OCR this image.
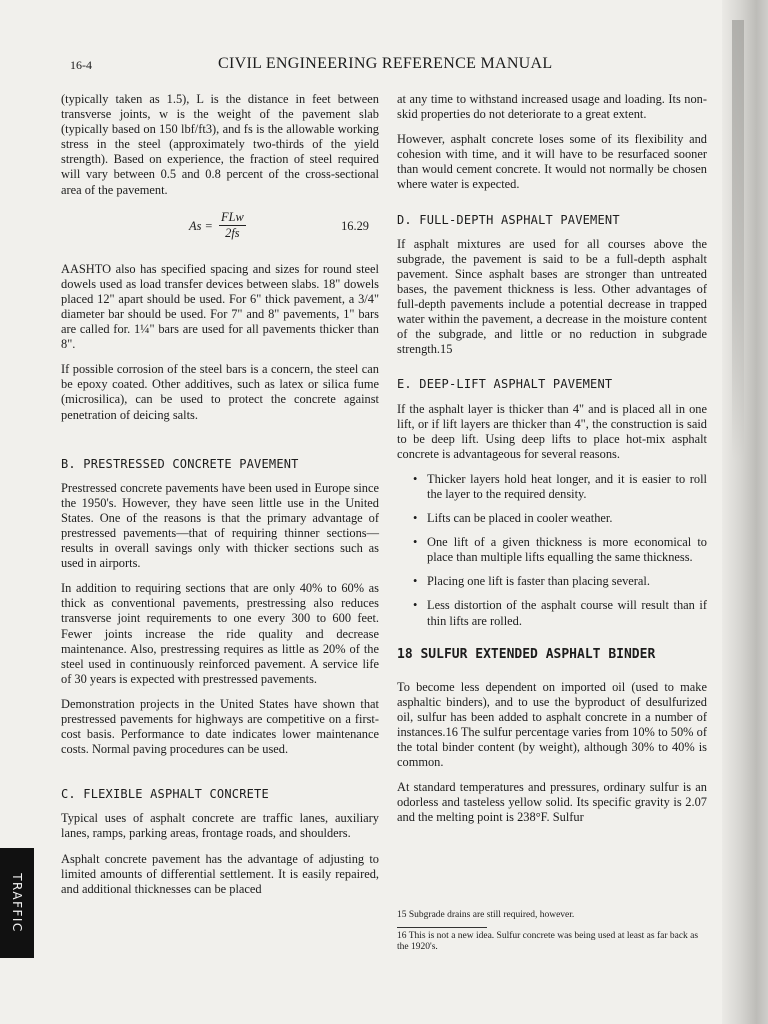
16-4	CIVIL ENGINEERING REFERENCE MANUAL

(typically taken as 1.5), L is the distance in feet between transverse joints, w is the weight of the pavement slab (typically based on 150 lbf/ft3), and fs is the allowable working stress in the steel (approximately two-thirds of the yield strength). Based on experience, the fraction of steel required will vary between 0.5 and 0.8 percent of the cross-sectional area of the pavement.

As =
FLw
2fs
16.29

AASHTO also has specified spacing and sizes for round steel dowels used as load transfer devices between slabs. 18" dowels placed 12" apart should be used. For 6" thick pavement, a 3/4" diameter bar should be used. For 7" and 8" pavements, 1" bars are called for. 1¼" bars are used for all pavements thicker than 8".

If possible corrosion of the steel bars is a concern, the steel can be epoxy coated. Other additives, such as latex or silica fume (microsilica), can be used to protect the concrete against penetration of deicing salts.

B. PRESTRESSED CONCRETE PAVEMENT

Prestressed concrete pavements have been used in Europe since the 1950's. However, they have seen little use in the United States. One of the reasons is that the primary advantage of prestressed pavements—that of requiring thinner sections—results in overall savings only with thicker sections such as used in airports.

In addition to requiring sections that are only 40% to 60% as thick as conventional pavements, prestressing also reduces transverse joint requirements to one every 300 to 600 feet. Fewer joints increase the ride quality and decrease maintenance. Also, prestressing requires as little as 20% of the steel used in continuously reinforced pavement. A service life of 30 years is expected with prestressed pavements.

Demonstration projects in the United States have shown that prestressed pavements for highways are competitive on a first-cost basis. Performance to date indicates lower maintenance costs. Normal paving procedures can be used.

C. FLEXIBLE ASPHALT CONCRETE

Typical uses of asphalt concrete are traffic lanes, auxiliary lanes, ramps, parking areas, frontage roads, and shoulders.

Asphalt concrete pavement has the advantage of adjusting to limited amounts of differential settlement. It is easily repaired, and additional thicknesses can be placed

at any time to withstand increased usage and loading. Its non-skid properties do not deteriorate to a great extent.

However, asphalt concrete loses some of its flexibility and cohesion with time, and it will have to be resurfaced sooner than would cement concrete. It would not normally be chosen where water is expected.

D. FULL-DEPTH ASPHALT PAVEMENT

If asphalt mixtures are used for all courses above the subgrade, the pavement is said to be a full-depth asphalt pavement. Since asphalt bases are stronger than untreated bases, the pavement thickness is less. Other advantages of full-depth pavements include a potential decrease in trapped water within the pavement, a decrease in the moisture content of the subgrade, and little or no reduction in subgrade strength.15

E. DEEP-LIFT ASPHALT PAVEMENT

If the asphalt layer is thicker than 4" and is placed all in one lift, or if lift layers are thicker than 4", the construction is said to be deep lift. Using deep lifts to place hot-mix asphalt concrete is advantageous for several reasons.

• Thicker layers hold heat longer, and it is easier to roll the layer to the required density.
• Lifts can be placed in cooler weather.
• One lift of a given thickness is more economical to place than multiple lifts equalling the same thickness.
• Placing one lift is faster than placing several.
• Less distortion of the asphalt course will result than if thin lifts are rolled.
18 SULFUR EXTENDED ASPHALT BINDER

To become less dependent on imported oil (used to make asphaltic binders), and to use the byproduct of desulfurized oil, sulfur has been added to asphalt concrete in a number of instances.16 The sulfur percentage varies from 10% to 50% of the total binder content (by weight), although 30% to 40% is common.

At standard temperatures and pressures, ordinary sulfur is an odorless and tasteless yellow solid. Its specific gravity is 2.07 and the melting point is 238°F. Sulfur

15 Subgrade drains are still required, however.

16 This is not a new idea. Sulfur concrete was being used at least as far back as the 1920's.

TRAFFIC
